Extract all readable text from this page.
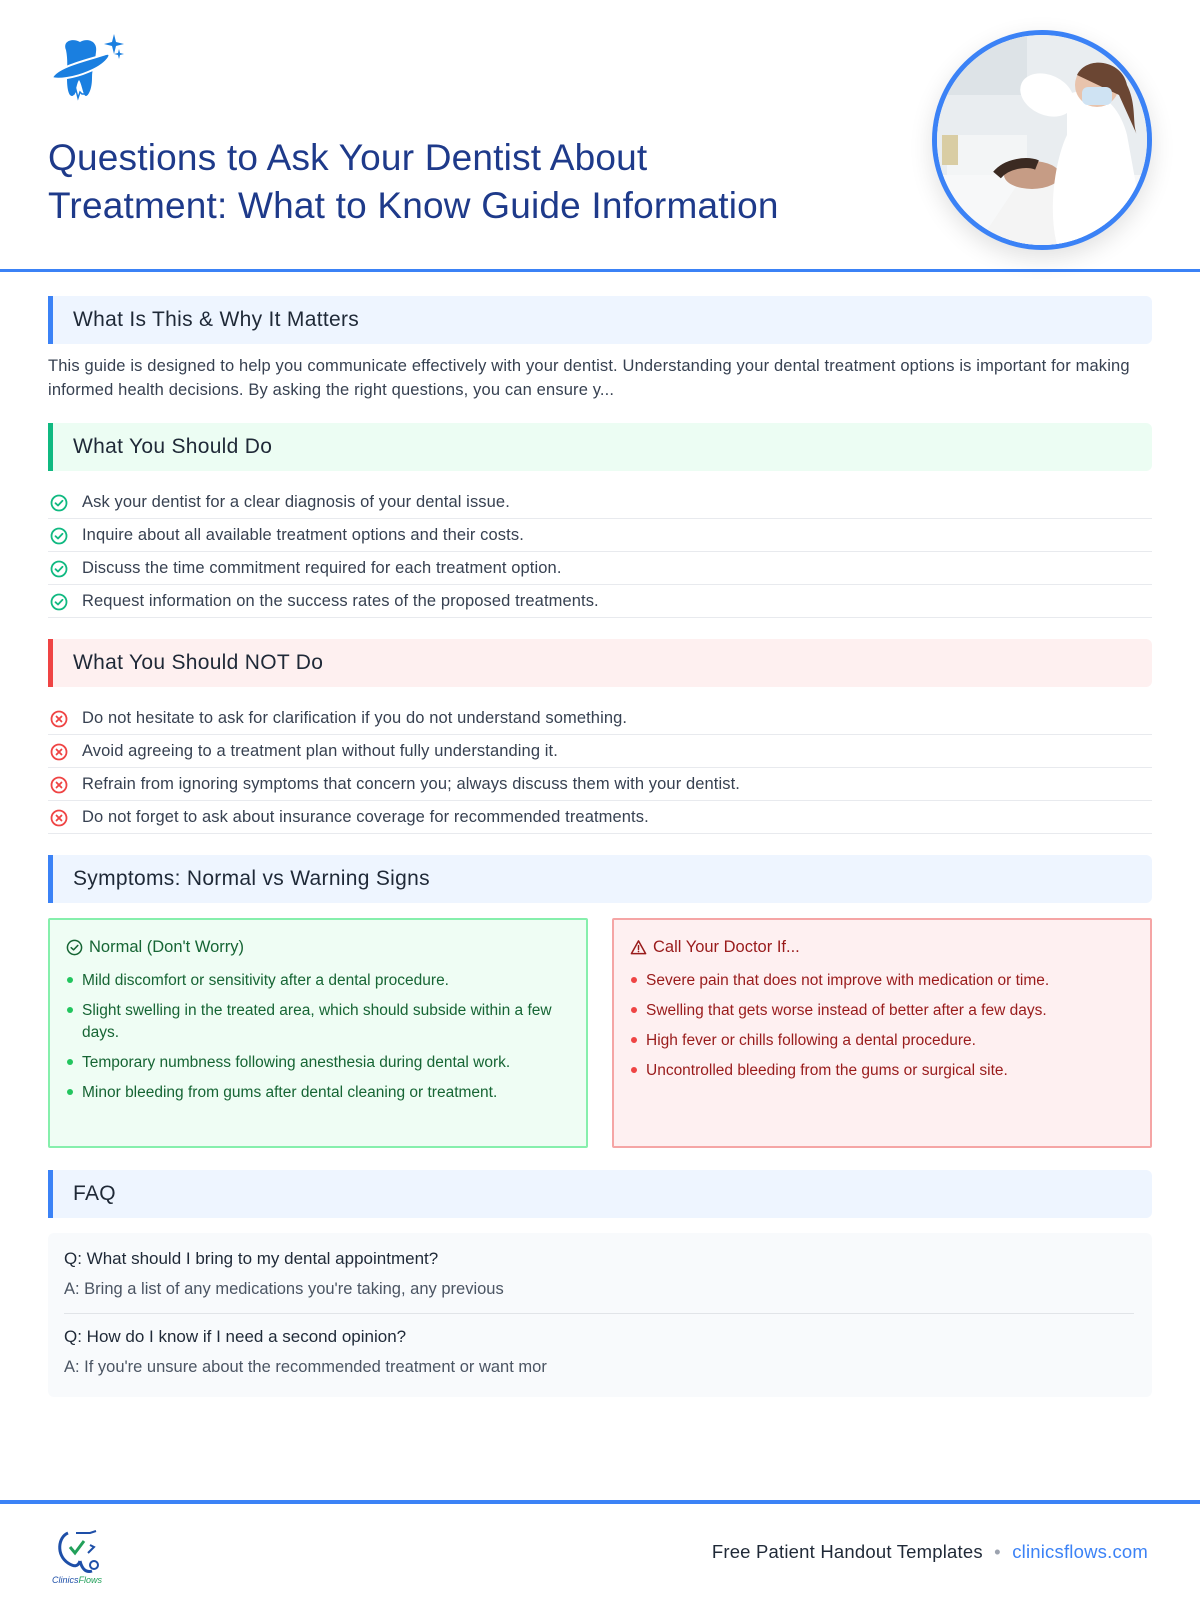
Questions to Ask Your Dentist About
Treatment: What to Know Guide Information
What Is This & Why It Matters

This guide is designed to help you communicate effectively with your dentist. Understanding your dental treatment options is important for making informed health decisions. By asking the right questions, you can ensure y...

What You Should Do
Ask your dentist for a clear diagnosis of your dental issue.
Inquire about all available treatment options and their costs.
Discuss the time commitment required for each treatment option.
Request information on the success rates of the proposed treatments.
What You Should NOT Do
Do not hesitate to ask for clarification if you do not understand something.
Avoid agreeing to a treatment plan without fully understanding it.
Refrain from ignoring symptoms that concern you; always discuss them with your dentist.
Do not forget to ask about insurance coverage for recommended treatments.
Symptoms: Normal vs Warning Signs
Normal (Don't Worry)
Mild discomfort or sensitivity after a dental procedure.
Slight swelling in the treated area, which should subside within a few days.
Temporary numbness following anesthesia during dental work.
Minor bleeding from gums after dental cleaning or treatment.
Call Your Doctor If...
Severe pain that does not improve with medication or time.
Swelling that gets worse instead of better after a few days.
High fever or chills following a dental procedure.
Uncontrolled bleeding from the gums or surgical site.
FAQ
Q: What should I bring to my dental appointment?
A: Bring a list of any medications you're taking, any previous
Q: How do I know if I need a second opinion?
A: If you're unsure about the recommended treatment or want mor
ClinicsFlows
Free Patient Handout Templates • clinicsflows.com
